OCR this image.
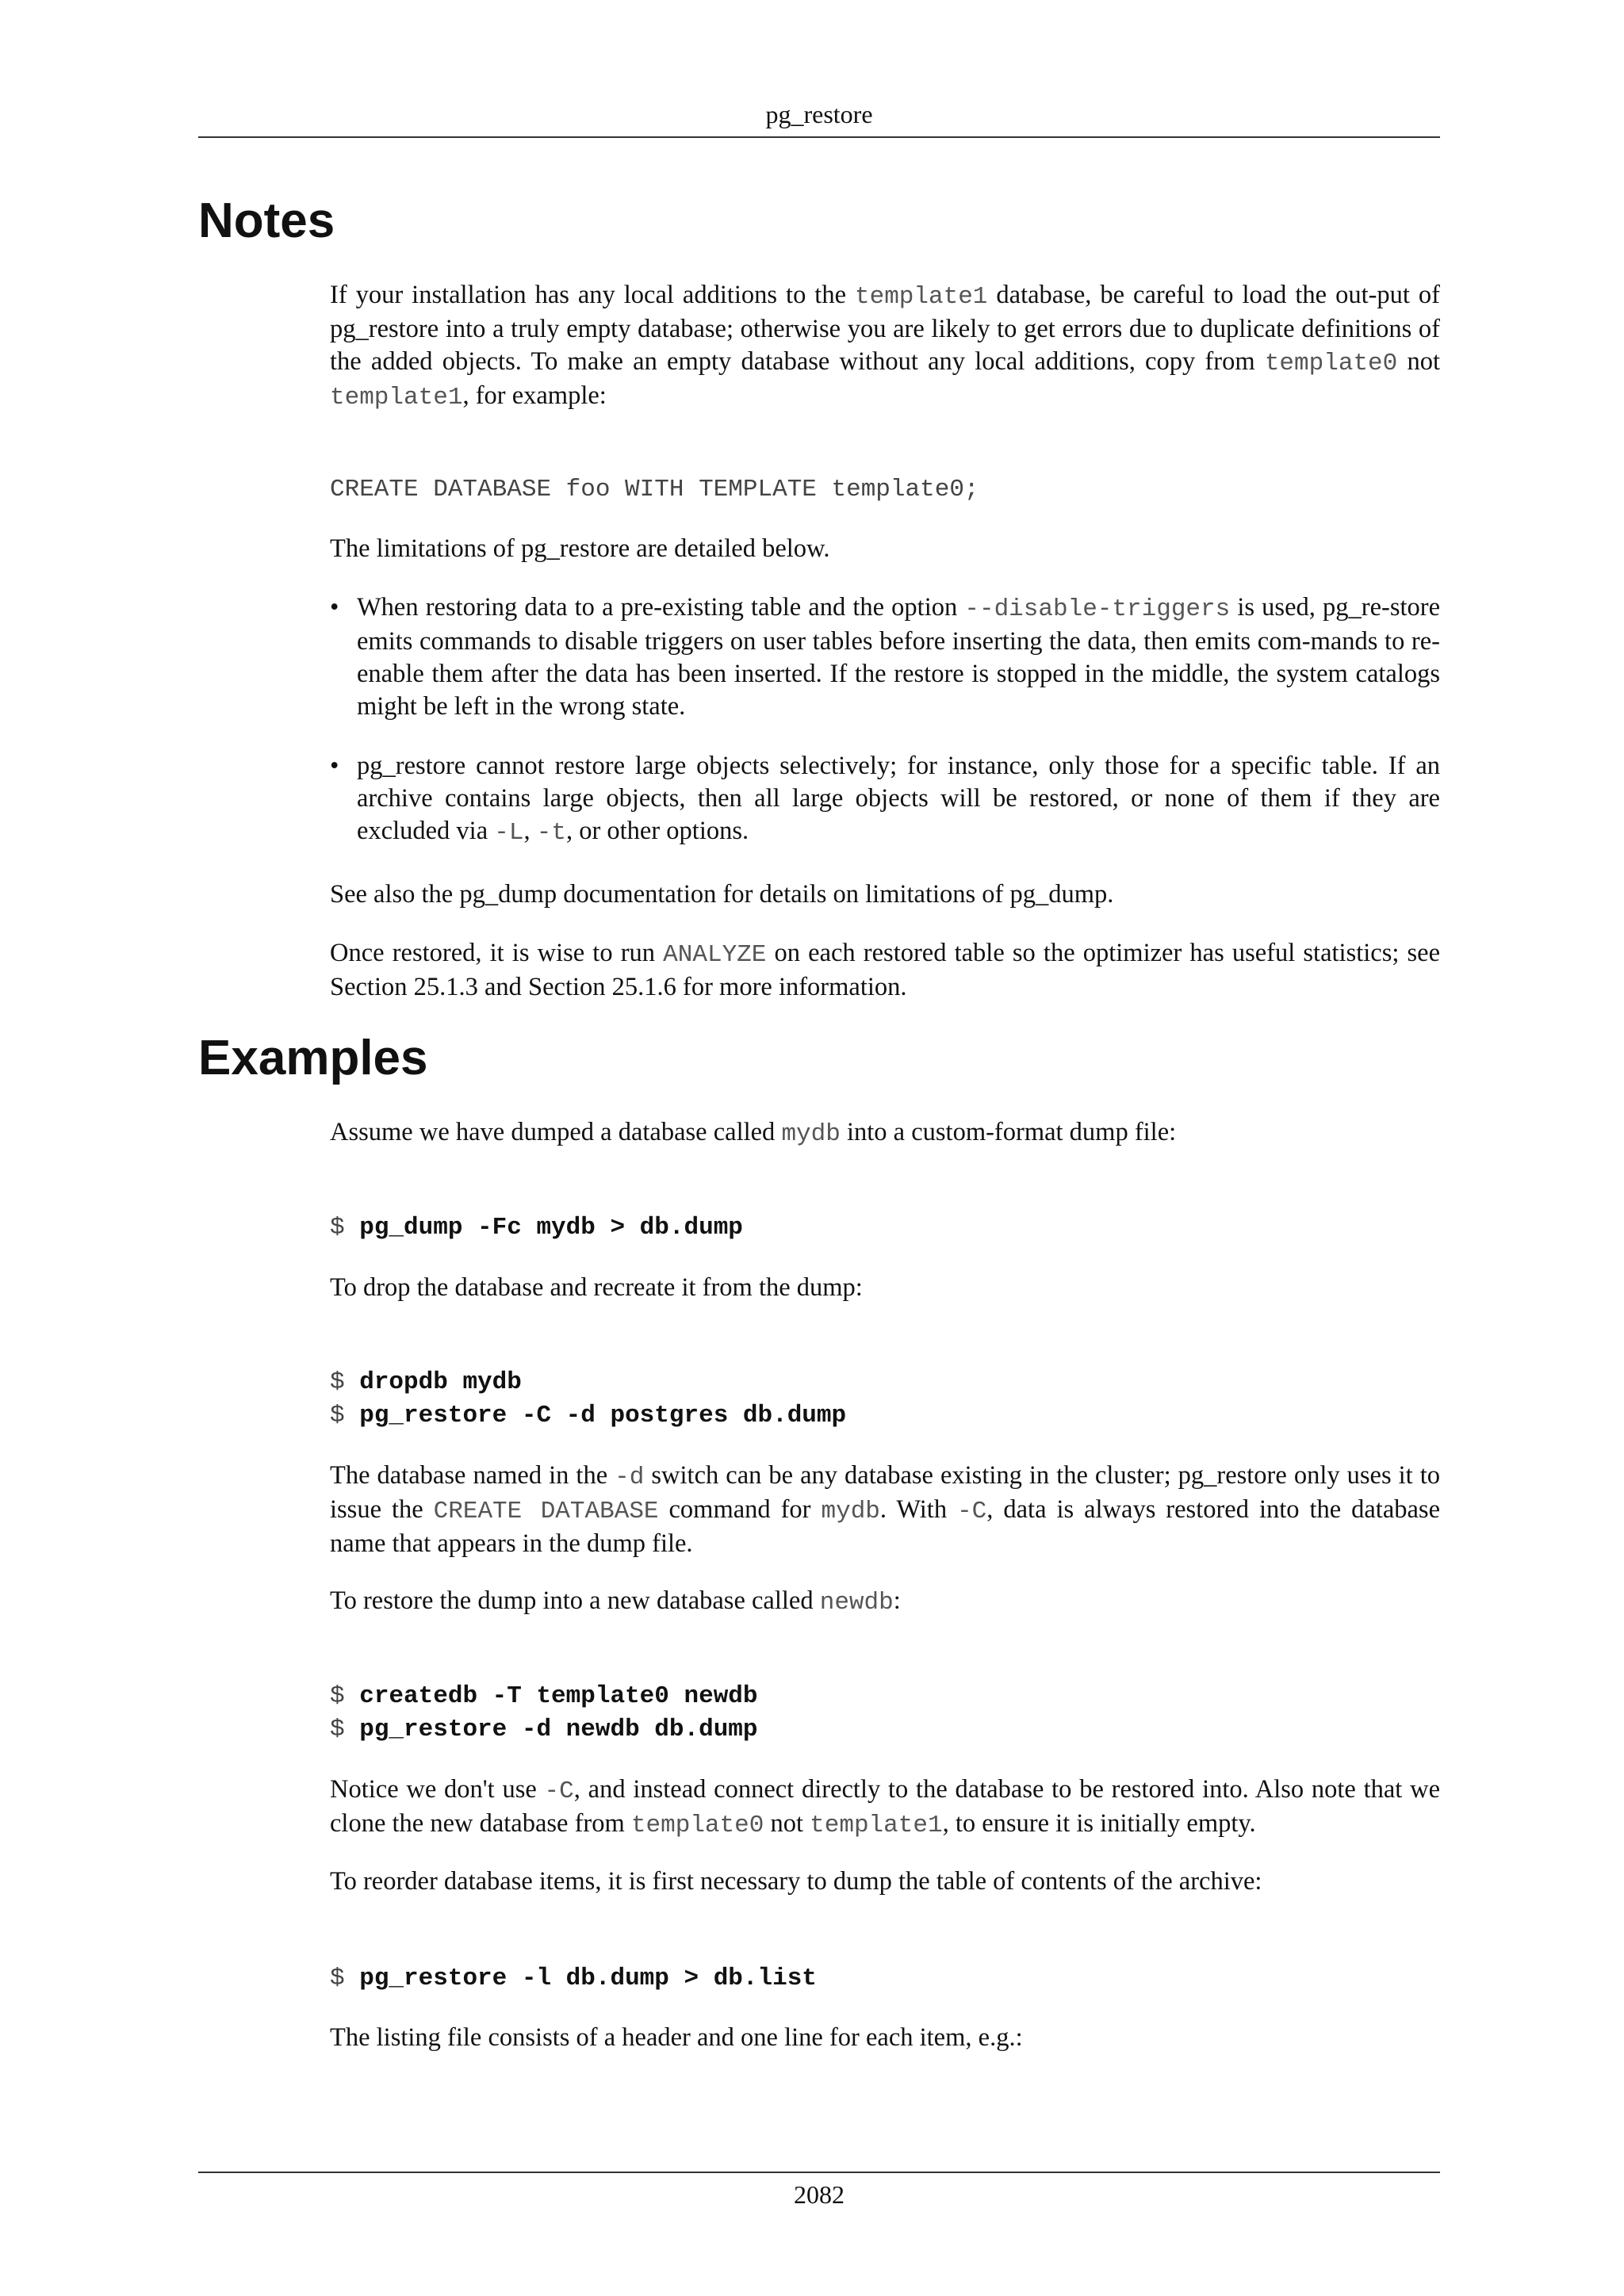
pg_restore
Notes

If your installation has any local additions to the template1 database, be careful to load the out-put of pg_restore into a truly empty database; otherwise you are likely to get errors due to duplicate definitions of the added objects. To make an empty database without any local additions, copy from template0 not template1, for example:

CREATE DATABASE foo WITH TEMPLATE template0;

The limitations of pg_restore are detailed below.

• When restoring data to a pre-existing table and the option --disable-triggers is used, pg_re-store emits commands to disable triggers on user tables before inserting the data, then emits com-mands to re-enable them after the data has been inserted. If the restore is stopped in the middle, the system catalogs might be left in the wrong state.
• pg_restore cannot restore large objects selectively; for instance, only those for a specific table. If an archive contains large objects, then all large objects will be restored, or none of them if they are excluded via -L, -t, or other options.

See also the pg_dump documentation for details on limitations of pg_dump.

Once restored, it is wise to run ANALYZE on each restored table so the optimizer has useful statistics; see Section 25.1.3 and Section 25.1.6 for more information.

Examples

Assume we have dumped a database called mydb into a custom-format dump file:

$ pg_dump -Fc mydb > db.dump

To drop the database and recreate it from the dump:

$ dropdb mydb
$ pg_restore -C -d postgres db.dump

The database named in the -d switch can be any database existing in the cluster; pg_restore only uses it to issue the CREATE DATABASE command for mydb. With -C, data is always restored into the database name that appears in the dump file.

To restore the dump into a new database called newdb:

$ createdb -T template0 newdb
$ pg_restore -d newdb db.dump

Notice we don't use -C, and instead connect directly to the database to be restored into. Also note that we clone the new database from template0 not template1, to ensure it is initially empty.

To reorder database items, it is first necessary to dump the table of contents of the archive:

$ pg_restore -l db.dump > db.list

The listing file consists of a header and one line for each item, e.g.:

2082
